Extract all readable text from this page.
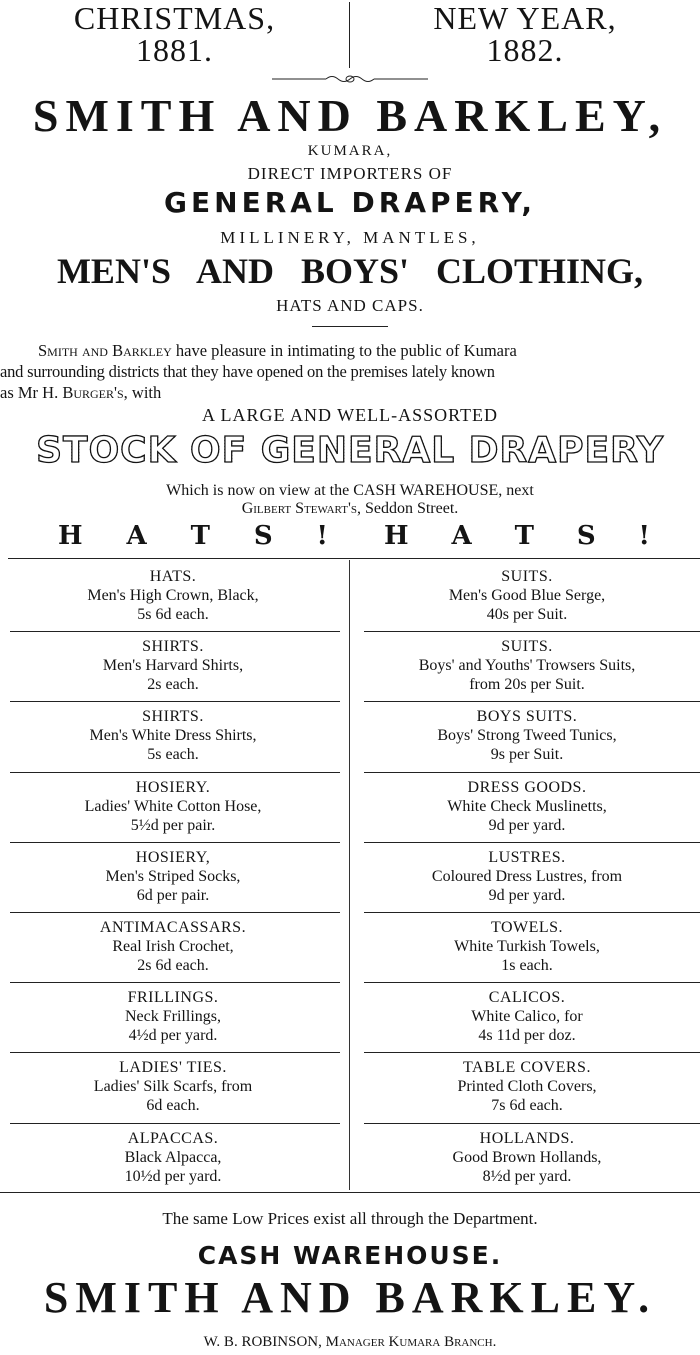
CHRISTMAS,
1881.
NEW YEAR,
1882.
SMITH AND BARKLEY,
KUMARA,
DIRECT IMPORTERS OF
GENERAL DRAPERY,
MILLINERY, MANTLES,
MEN'S AND BOYS' CLOTHING,
HATS AND CAPS.
Smith and Barkley have pleasure in intimating to the public of Kumara
and surrounding districts that they have opened on the premises lately known
as Mr H. Burger's, with
A LARGE AND WELL-ASSORTED
STOCK OF GENERAL DRAPERY
Which is now on view at the CASH WAREHOUSE, next
Gilbert Stewart's, Seddon Street.
H A T S ! H A T S !
HATS.
Men's High Crown, Black,
5s 6d each.
SHIRTS.
Men's Harvard Shirts,
2s each.
SHIRTS.
Men's White Dress Shirts,
5s each.
HOSIERY.
Ladies' White Cotton Hose,
5½d per pair.
HOSIERY,
Men's Striped Socks,
6d per pair.
ANTIMACASSARS.
Real Irish Crochet,
2s 6d each.
FRILLINGS.
Neck Frillings,
4½d per yard.
LADIES' TIES.
Ladies' Silk Scarfs, from
6d each.
ALPACCAS.
Black Alpacca,
10½d per yard.
SUITS.
Men's Good Blue Serge,
40s per Suit.
SUITS.
Boys' and Youths' Trowsers Suits,
from 20s per Suit.
BOYS SUITS.
Boys' Strong Tweed Tunics,
9s per Suit.
DRESS GOODS.
White Check Muslinetts,
9d per yard.
LUSTRES.
Coloured Dress Lustres, from
9d per yard.
TOWELS.
White Turkish Towels,
1s each.
CALICOS.
White Calico, for
4s 11d per doz.
TABLE COVERS.
Printed Cloth Covers,
7s 6d each.
HOLLANDS.
Good Brown Hollands,
8½d per yard.
The same Low Prices exist all through the Department.
CASH WAREHOUSE.
SMITH AND BARKLEY.
W. B. ROBINSON, Manager Kumara Branch.
